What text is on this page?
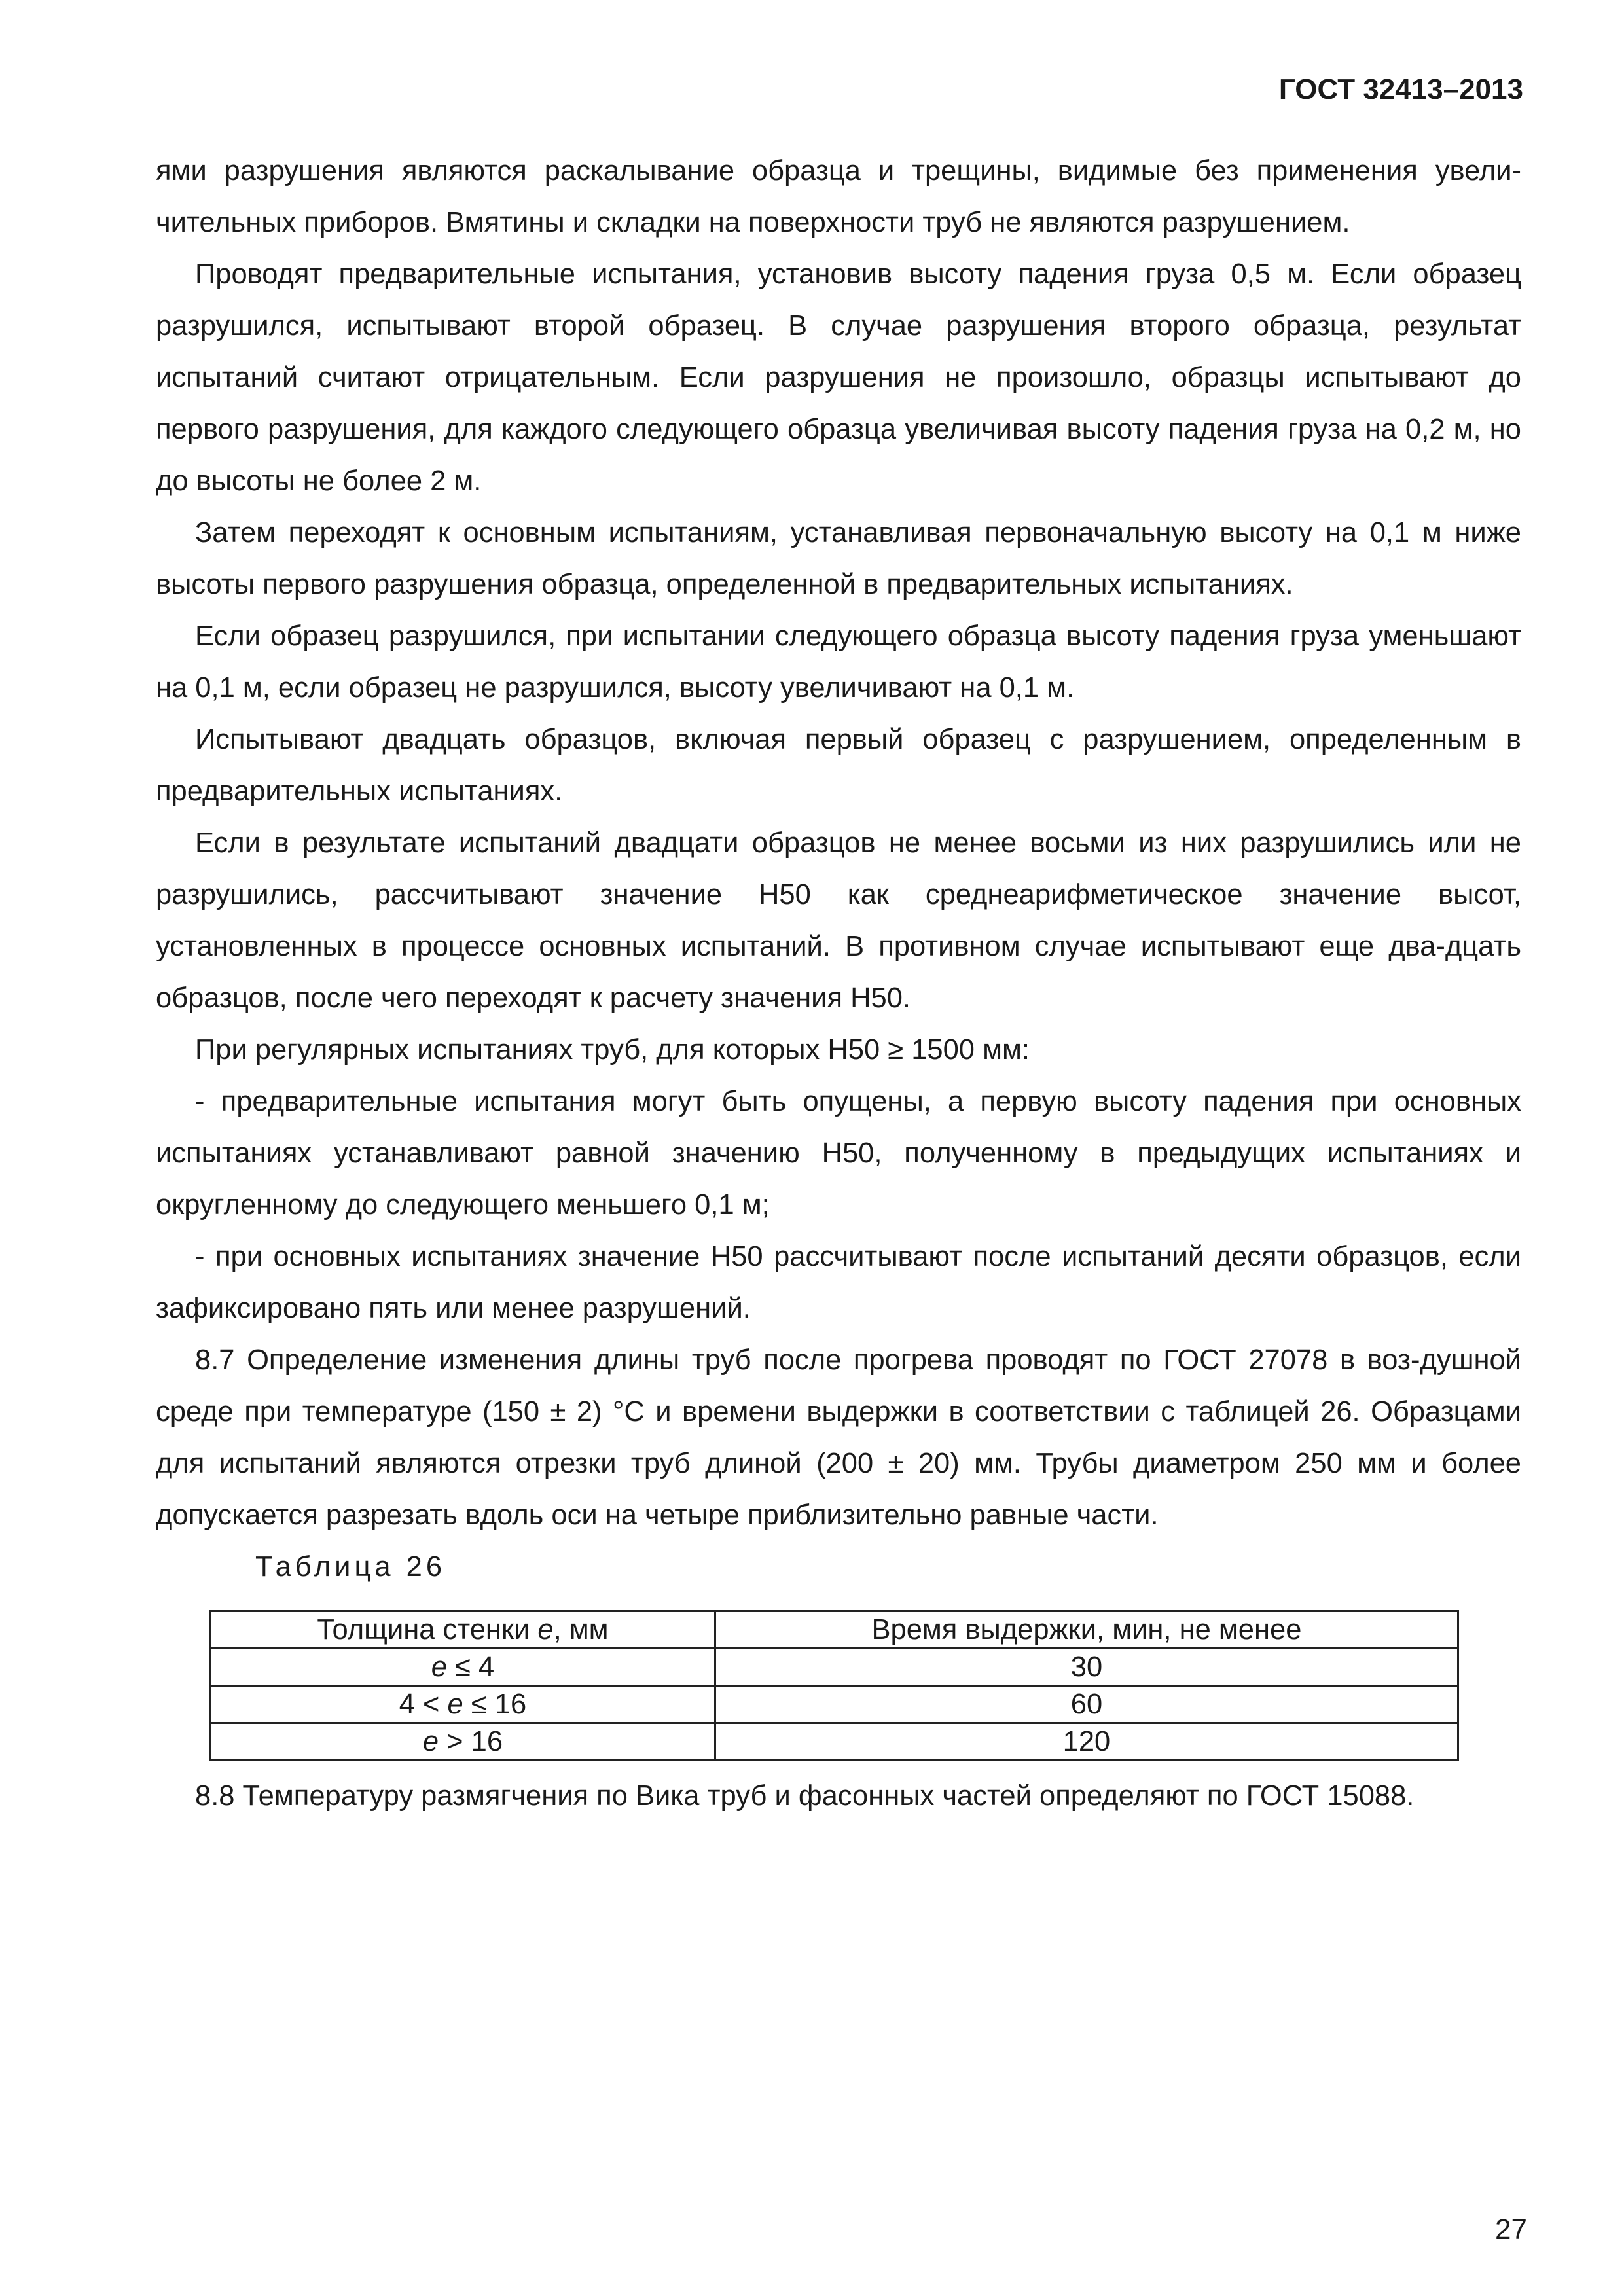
ГОСТ 32413–2013

ями разрушения являются раскалывание образца и трещины, видимые без применения увели-чительных приборов. Вмятины и складки на поверхности труб не являются разрушением.

Проводят предварительные испытания, установив высоту падения груза 0,5 м. Если образец разрушился, испытывают второй образец. В случае разрушения второго образца, результат испытаний считают отрицательным. Если разрушения не произошло, образцы испытывают до первого разрушения, для каждого следующего образца увеличивая высоту падения груза на 0,2 м, но до высоты не более 2 м.

Затем переходят к основным испытаниям, устанавливая первоначальную высоту на 0,1 м ниже высоты первого разрушения образца, определенной в предварительных испытаниях.

Если образец разрушился, при испытании следующего образца высоту падения груза уменьшают на 0,1 м, если образец не разрушился, высоту увеличивают на 0,1 м.

Испытывают двадцать образцов, включая первый образец с разрушением, определенным в предварительных испытаниях.

Если в результате испытаний двадцати образцов не менее восьми из них разрушились или не разрушились, рассчитывают значение H50 как среднеарифметическое значение высот, установленных в процессе основных испытаний. В противном случае испытывают еще два-дцать образцов, после чего переходят к расчету значения H50.

При регулярных испытаниях труб, для которых H50 ≥ 1500 мм:

- предварительные испытания могут быть опущены, а первую высоту падения при основных испытаниях устанавливают равной значению H50, полученному в предыдущих испытаниях и округленному до следующего меньшего 0,1 м;

- при основных испытаниях значение H50 рассчитывают после испытаний десяти образцов, если зафиксировано пять или менее разрушений.

8.7 Определение изменения длины труб после прогрева проводят по ГОСТ 27078 в воз-душной среде при температуре (150 ± 2) °С и времени выдержки в соответствии с таблицей 26. Образцами для испытаний являются отрезки труб длиной (200 ± 20) мм. Трубы диаметром 250 мм и более допускается разрезать вдоль оси на четыре приблизительно равные части.

Таблица 26

Толщина стенки e, мм	Время выдержки, мин, не менее
e ≤ 4	30
4 < e ≤ 16	60
e > 16	120

8.8 Температуру размягчения по Вика труб и фасонных частей определяют по ГОСТ 15088.

27
